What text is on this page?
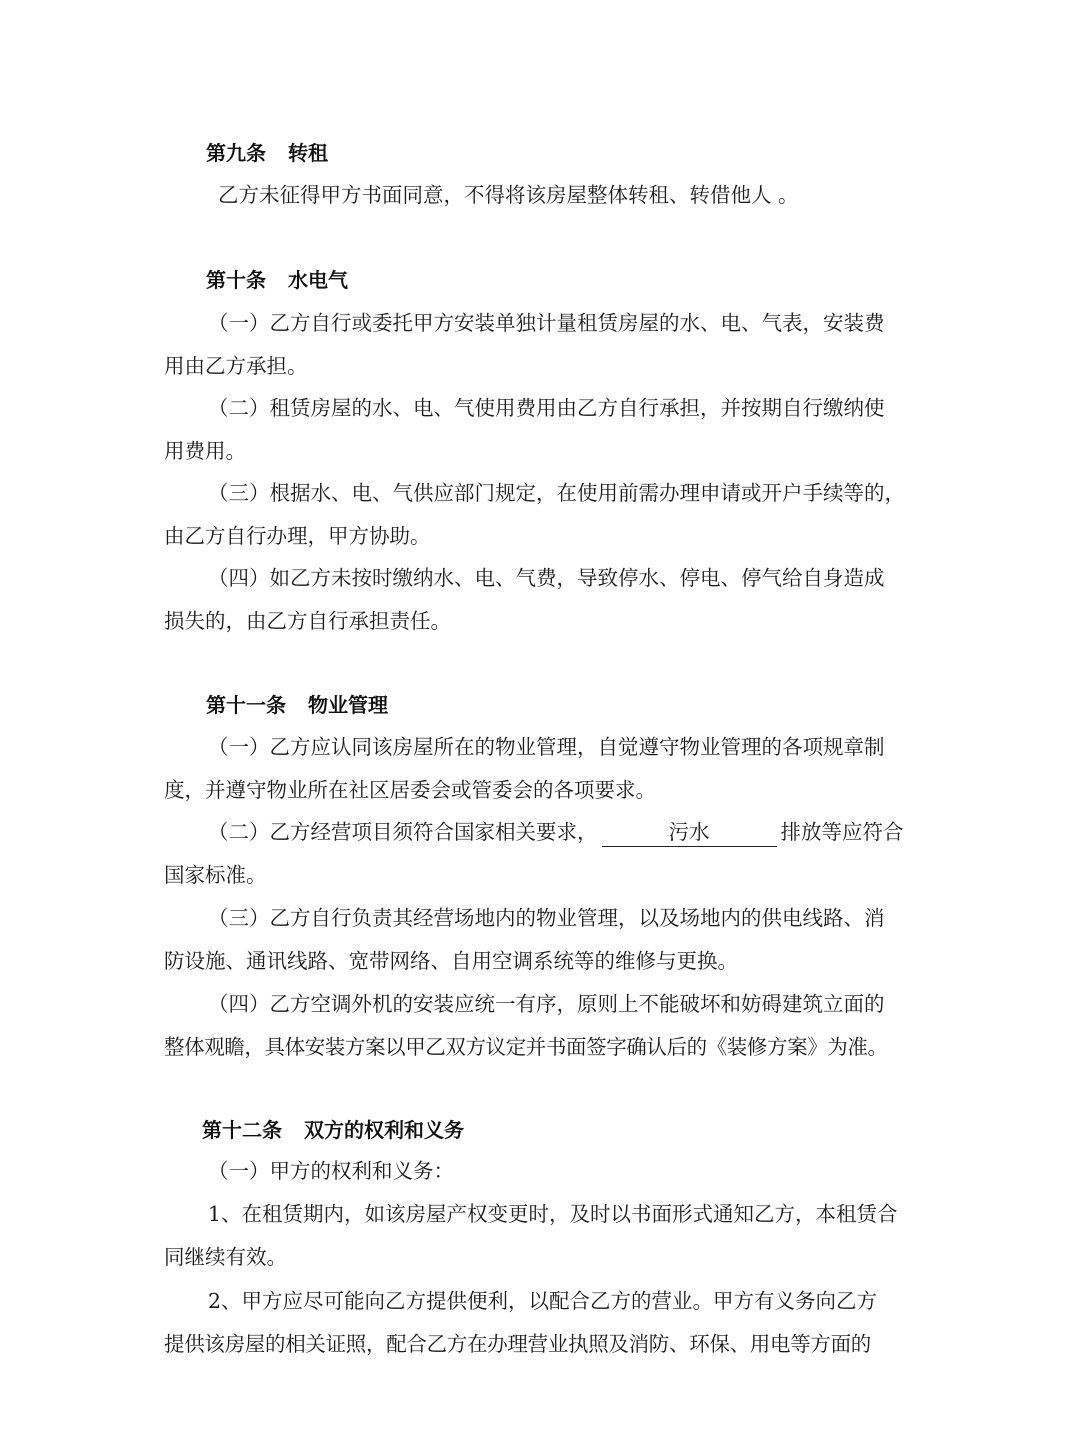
第九条 转租
乙方未征得甲方书面同意，不得将该房屋整体转租、转借他人 。
第十条 水电气
（一）乙方自行或委托甲方安装单独计量租赁房屋的水、电、气表，安装费
用由乙方承担。
（二）租赁房屋的水、电、气使用费用由乙方自行承担，并按期自行缴纳使
用费用。
（三）根据水、电、气供应部门规定，在使用前需办理申请或开户手续等的，
由乙方自行办理，甲方协助。
（四）如乙方未按时缴纳水、电、气费，导致停水、停电、停气给自身造成
损失的，由乙方自行承担责任。
第十一条 物业管理
（一）乙方应认同该房屋所在的物业管理，自觉遵守物业管理的各项规章制
度，并遵守物业所在社区居委会或管委会的各项要求。
（二）乙方经营项目须符合国家相关要求，	污水	排放等应符合
国家标准。
（三）乙方自行负责其经营场地内的物业管理，以及场地内的供电线路、消
防设施、通讯线路、宽带网络、自用空调系统等的维修与更换。
（四）乙方空调外机的安装应统一有序，原则上不能破坏和妨碍建筑立面的
整体观瞻，具体安装方案以甲乙双方议定并书面签字确认后的《装修方案》为准。
第十二条 双方的权利和义务
（一）甲方的权利和义务：
1、在租赁期内，如该房屋产权变更时，及时以书面形式通知乙方，本租赁合
同继续有效。
2、甲方应尽可能向乙方提供便利，以配合乙方的营业。甲方有义务向乙方
提供该房屋的相关证照，配合乙方在办理营业执照及消防、环保、用电等方面的
